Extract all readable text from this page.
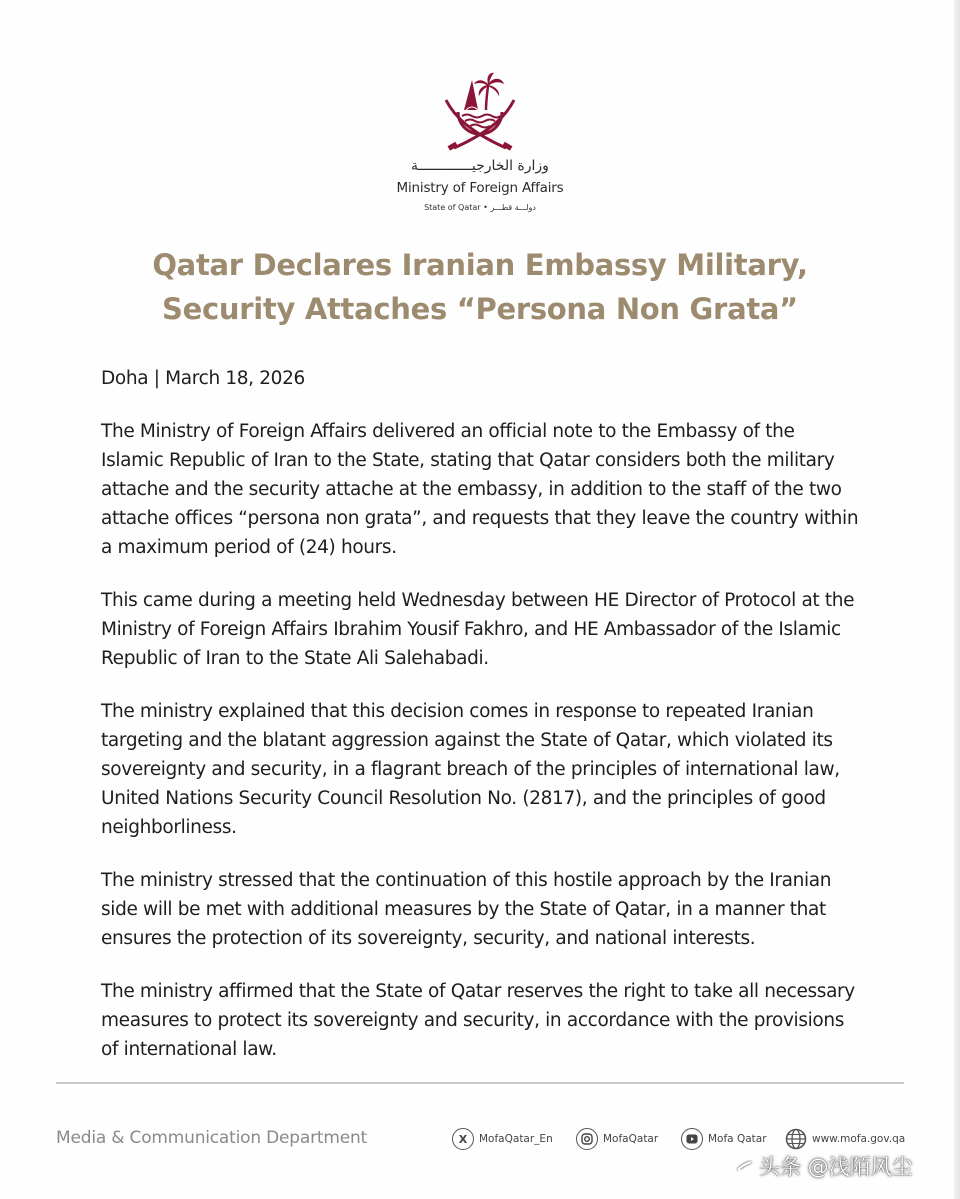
وزارة الخارجيـــــــــــــة
Ministry of Foreign Affairs
State of Qatar • دولـــة قطـــر
Qatar Declares Iranian Embassy Military,
Security Attaches “Persona Non Grata”
Doha | March 18, 2026

The Ministry of Foreign Affairs delivered an official note to the Embassy of the Islamic Republic of Iran to the State, stating that Qatar considers both the military attache and the security attache at the embassy, in addition to the staff of the two attache offices “persona non grata”, and requests that they leave the country within a maximum period of (24) hours.

This came during a meeting held Wednesday between HE Director of Protocol at the Ministry of Foreign Affairs Ibrahim Yousif Fakhro, and HE Ambassador of the Islamic Republic of Iran to the State Ali Salehabadi.

The ministry explained that this decision comes in response to repeated Iranian targeting and the blatant aggression against the State of Qatar, which violated its sovereignty and security, in a flagrant breach of the principles of international law, United Nations Security Council Resolution No. (2817), and the principles of good neighborliness.

The ministry stressed that the continuation of this hostile approach by the Iranian side will be met with additional measures by the State of Qatar, in a manner that ensures the protection of its sovereignty, security, and national interests.

The ministry affirmed that the State of Qatar reserves the right to take all necessary measures to protect its sovereignty and security, in accordance with the provisions of international law.

Media & Communication Department	X	MofaQatar_En	MofaQatar	Mofa Qatar	www.mofa.gov.qa
头条 @浅陌风尘
